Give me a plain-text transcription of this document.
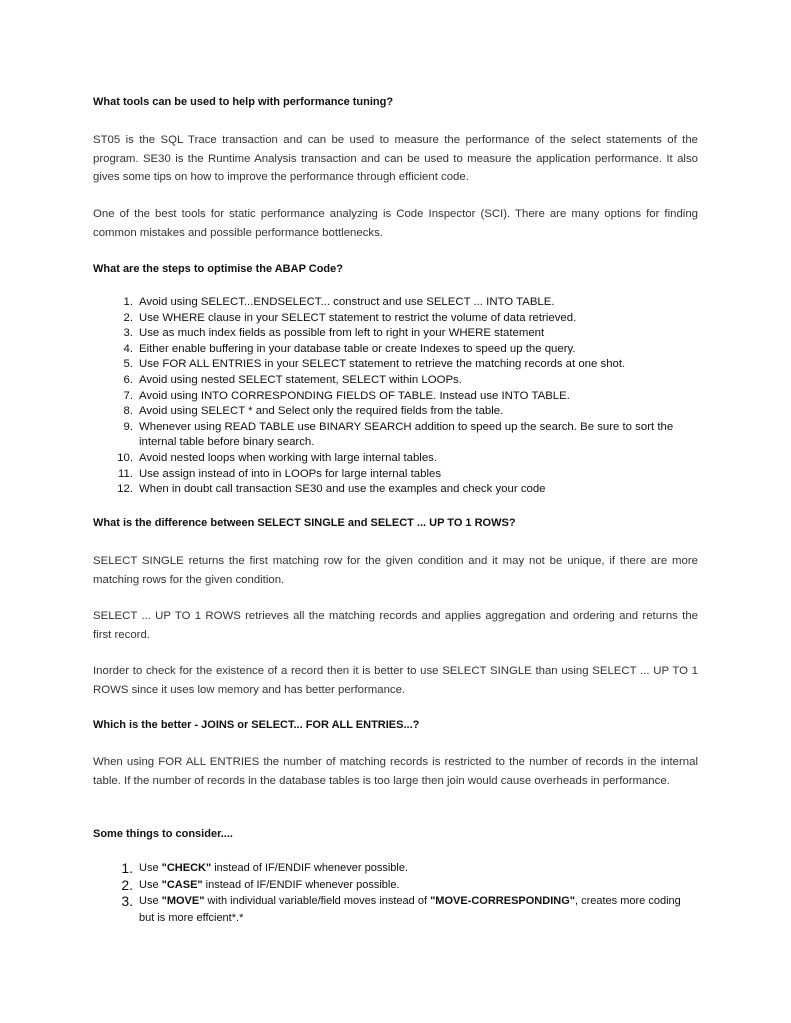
What tools can be used to help with performance tuning?

ST05 is the SQL Trace transaction and can be used to measure the performance of the select statements of the program. SE30 is the Runtime Analysis transaction and can be used to measure the application performance. It also gives some tips on how to improve the performance through efficient code.

One of the best tools for static performance analyzing is Code Inspector (SCI). There are many options for finding common mistakes and possible performance bottlenecks.

What are the steps to optimise the ABAP Code?
1. Avoid using SELECT...ENDSELECT... construct and use SELECT ... INTO TABLE.
2. Use WHERE clause in your SELECT statement to restrict the volume of data retrieved.
3. Use as much index fields as possible from left to right in your WHERE statement
4. Either enable buffering in your database table or create Indexes to speed up the query.
5. Use FOR ALL ENTRIES in your SELECT statement to retrieve the matching records at one shot.
6. Avoid using nested SELECT statement, SELECT within LOOPs.
7. Avoid using INTO CORRESPONDING FIELDS OF TABLE. Instead use INTO TABLE.
8. Avoid using SELECT * and Select only the required fields from the table.
9. Whenever using READ TABLE use BINARY SEARCH addition to speed up the search. Be sure to sort the internal table before binary search.
10. Avoid nested loops when working with large internal tables.
11. Use assign instead of into in LOOPs for large internal tables
12. When in doubt call transaction SE30 and use the examples and check your code
What is the difference between SELECT SINGLE and SELECT ... UP TO 1 ROWS?

SELECT SINGLE returns the first matching row for the given condition and it may not be unique, if there are more matching rows for the given condition.

SELECT ... UP TO 1 ROWS retrieves all the matching records and applies aggregation and ordering and returns the first record.

Inorder to check for the existence of a record then it is better to use SELECT SINGLE than using SELECT ... UP TO 1 ROWS since it uses low memory and has better performance.

Which is the better - JOINS or SELECT... FOR ALL ENTRIES...?

When using FOR ALL ENTRIES the number of matching records is restricted to the number of records in the internal table. If the number of records in the database tables is too large then join would cause overheads in performance.

Some things to consider....
1. Use "CHECK" instead of IF/ENDIF whenever possible.
2. Use "CASE" instead of IF/ENDIF whenever possible.
3. Use "MOVE" with individual variable/field moves instead of "MOVE-CORRESPONDING", creates more coding but is more effcient*.*
